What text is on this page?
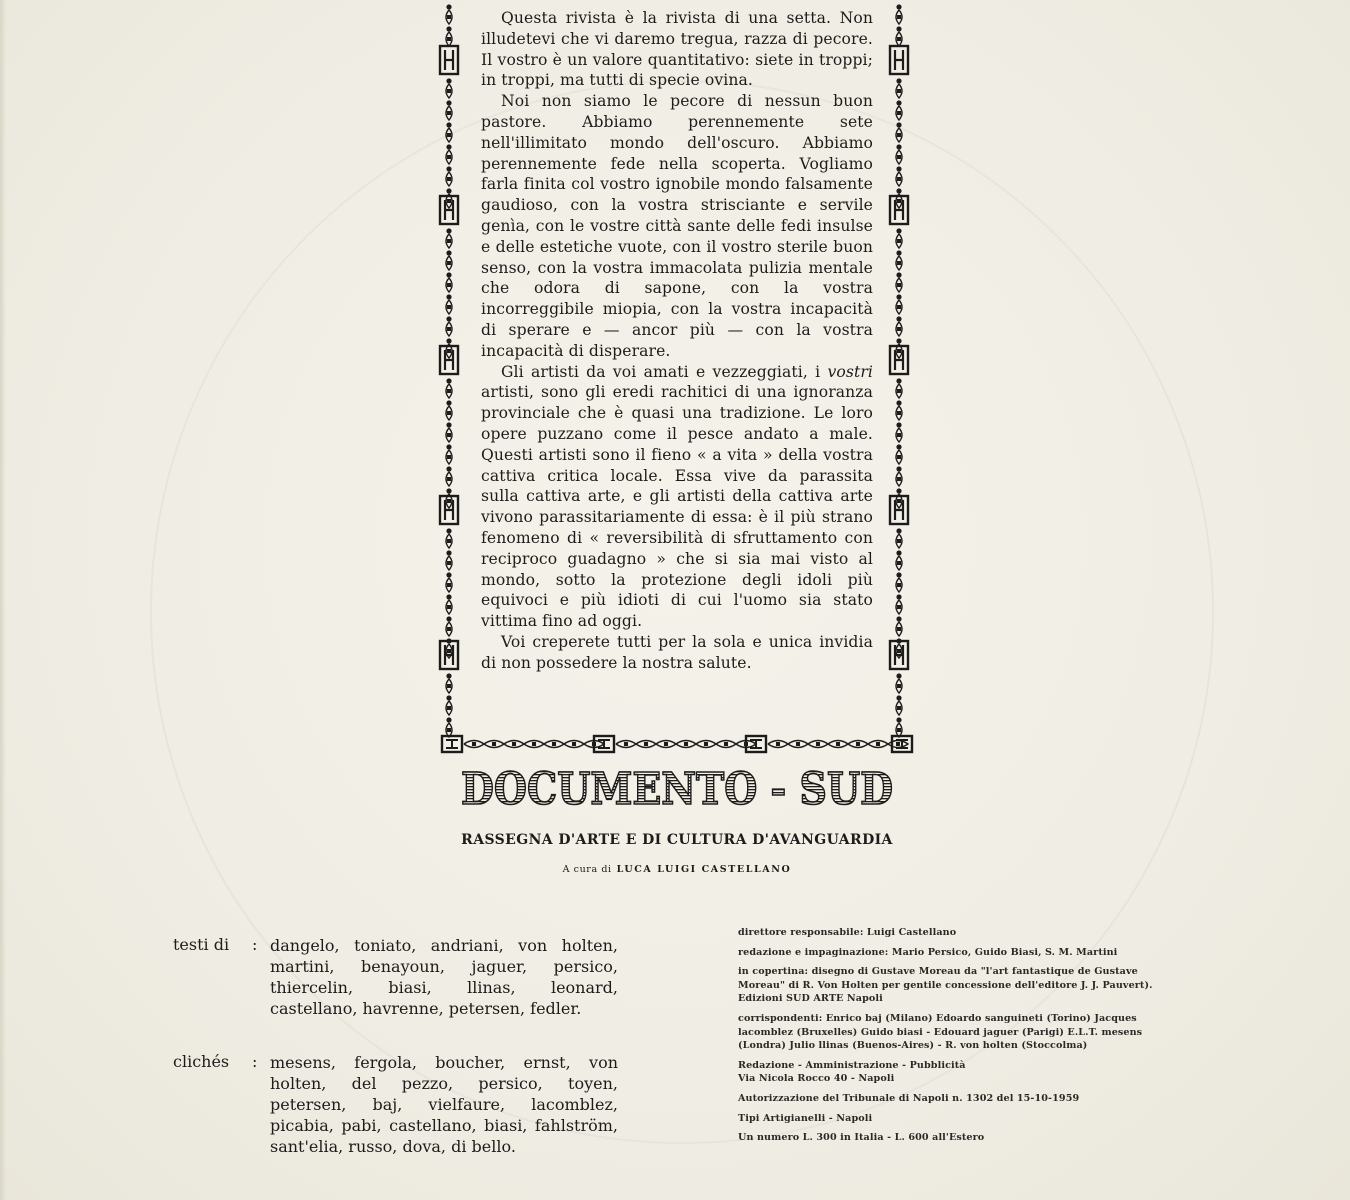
Questa rivista è la rivista di una setta. Non illudetevi che vi daremo tregua, razza di pecore. Il vostro è un valore quantitativo: siete in troppi; in troppi, ma tutti di specie ovina.

Noi non siamo le pecore di nessun buon pastore. Abbiamo perennemente sete nell'illimitato mondo dell'oscuro. Abbiamo perennemente fede nella scoperta. Vogliamo farla finita col vostro ignobile mondo falsamente gaudioso, con la vostra strisciante e servile genìa, con le vostre città sante delle fedi insulse e delle estetiche vuote, con il vostro sterile buon senso, con la vostra immacolata pulizia mentale che odora di sapone, con la vostra incorreggibile miopia, con la vostra incapacità di sperare e — ancor più — con la vostra incapacità di disperare.

Gli artisti da voi amati e vezzeggiati, i vostri artisti, sono gli eredi rachitici di una ignoranza provinciale che è quasi una tradizione. Le loro opere puzzano come il pesce andato a male. Questi artisti sono il fieno « a vita » della vostra cattiva critica locale. Essa vive da parassita sulla cattiva arte, e gli artisti della cattiva arte vivono parassitariamente di essa: è il più strano fenomeno di « reversibilità di sfruttamento con reciproco guadagno » che si sia mai visto al mondo, sotto la protezione degli idoli più equivoci e più idioti di cui l'uomo sia stato vittima fino ad oggi.

Voi creperete tutti per la sola e unica invidia di non possedere la nostra salute.

DOCUMENTO - SUD
RASSEGNA D'ARTE E DI CULTURA D'AVANGUARDIA
A cura di LUCA LUIGI CASTELLANO
testi di : dangelo, toniato, andriani, von holten, martini, benayoun, jaguer, persico, thiercelin, biasi, llinas, leonard, castellano, havrenne, petersen, fedler.
clichés : mesens, fergola, boucher, ernst, von holten, del pezzo, persico, toyen, petersen, baj, vielfaure, lacomblez, picabia, pabi, castellano, biasi, fahlström, sant'elia, russo, dova, di bello.

direttore responsabile: Luigi Castellano

redazione e impaginazione: Mario Persico, Guido Biasi, S. M. Martini

in copertina: disegno di Gustave Moreau da "l'art fantastique de Gustave
Moreau" di R. Von Holten per gentile concessione dell'editore J. J. Pauvert).
Edizioni SUD ARTE Napoli

corrispondenti: Enrico baj (Milano) Edoardo sanguineti (Torino) Jacques
lacomblez (Bruxelles) Guido biasi - Edouard jaguer (Parigi) E.L.T. mesens
(Londra) Julio llinas (Buenos-Aires) - R. von holten (Stoccolma)

Redazione - Amministrazione - Pubblicità
Via Nicola Rocco 40 - Napoli

Autorizzazione del Tribunale di Napoli n. 1302 del 15-10-1959

Tipi Artigianelli - Napoli

Un numero L. 300 in Italia - L. 600 all'Estero
